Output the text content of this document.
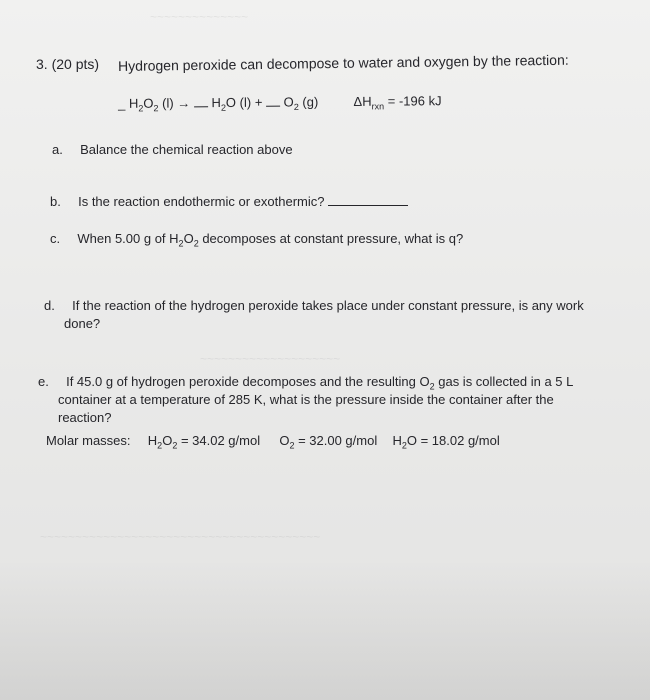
~~~~~~~~~~~~~~
~~~~~~~~~~~~~~~~~~~~
~~~~~~~~~~~~~~~~~~~~~~~~~~~~~~~~~~~~~~~~
3. (20 pts) Hydrogen peroxide can decompose to water and oxygen by the reaction:
_ $H_2O_2$ $(l) \to H_2O$ $(l) + O_2$ (g)	$\Delta H_{rxn} = -196$ kJ
a. Balance the chemical reaction above
b. Is the reaction endothermic or exothermic?
c. When 5.00 g of $H_2O_2$ decomposes at constant pressure, what is q?
d. If the reaction of the hydrogen peroxide takes place under constant pressure, is any work
done?
e. If 45.0 g of hydrogen peroxide decomposes and the resulting $O_2$ gas is collected in a 5 L
container at a temperature of 285 K, what is the pressure inside the container after the
reaction?
Molar masses: $H_2O_2 = 34.02$ g/mol $O_2 = 32.00$ g/mol $H_2O = 18.02$ g/mol
